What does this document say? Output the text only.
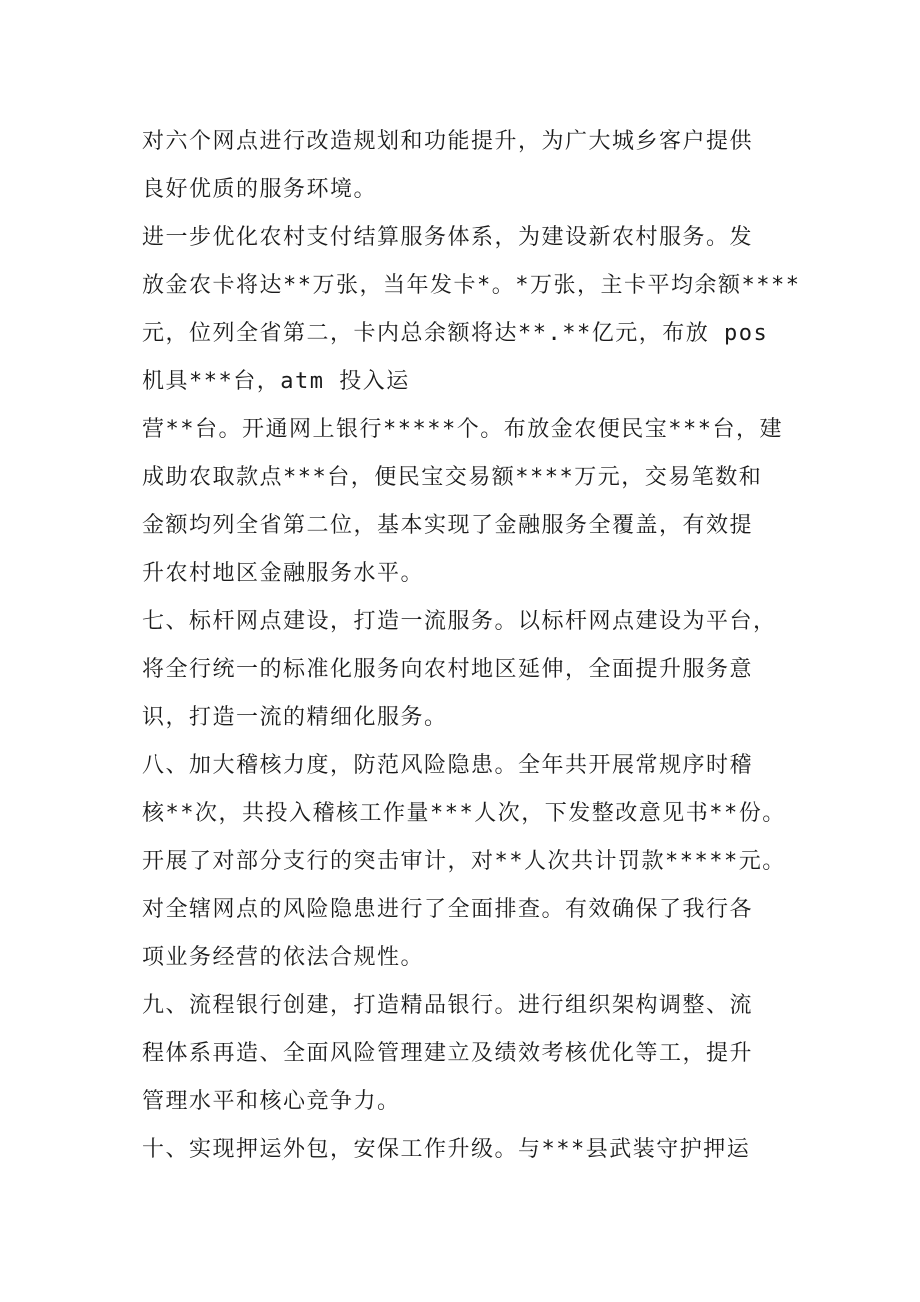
对六个网点进行改造规划和功能提升，为广大城乡客户提供
良好优质的服务环境。
进一步优化农村支付结算服务体系，为建设新农村服务。发
放金农卡将达**万张，当年发卡*。*万张，主卡平均余额****
元，位列全省第二，卡内总余额将达**.**亿元，布放 pos
机具***台，atm 投入运
营**台。开通网上银行*****个。布放金农便民宝***台，建
成助农取款点***台，便民宝交易额****万元，交易笔数和
金额均列全省第二位，基本实现了金融服务全覆盖，有效提
升农村地区金融服务水平。
七、标杆网点建设，打造一流服务。以标杆网点建设为平台，
将全行统一的标准化服务向农村地区延伸，全面提升服务意
识，打造一流的精细化服务。
八、加大稽核力度，防范风险隐患。全年共开展常规序时稽
核**次，共投入稽核工作量***人次，下发整改意见书**份。
开展了对部分支行的突击审计，对**人次共计罚款*****元。
对全辖网点的风险隐患进行了全面排查。有效确保了我行各
项业务经营的依法合规性。
九、流程银行创建，打造精品银行。进行组织架构调整、流
程体系再造、全面风险管理建立及绩效考核优化等工，提升
管理水平和核心竞争力。
十、实现押运外包，安保工作升级。与***县武装守护押运
